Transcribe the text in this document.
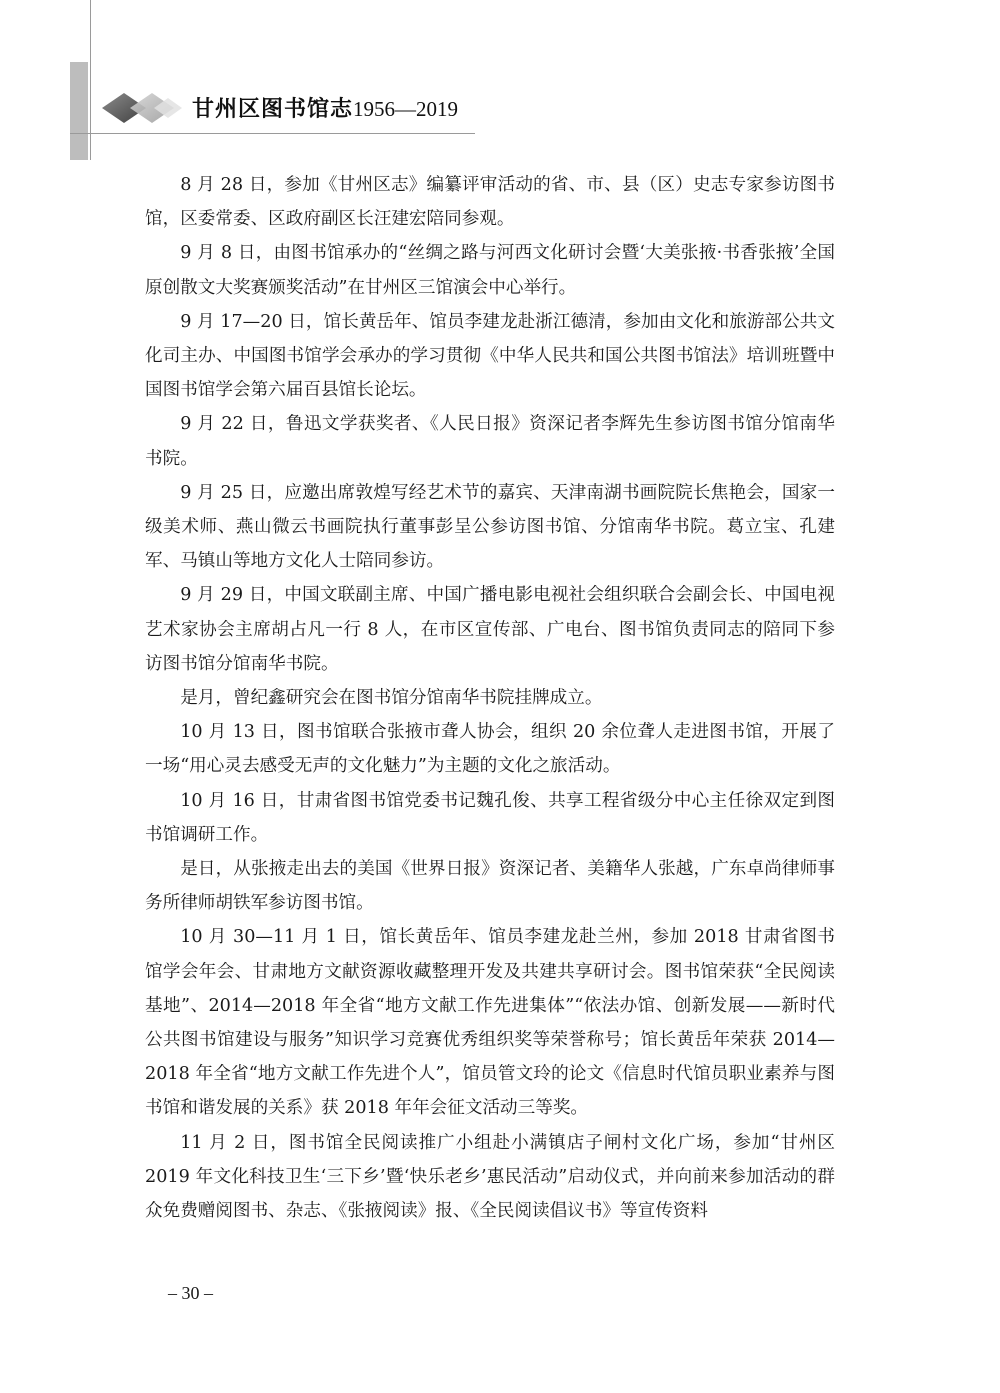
甘州区图书馆志1956—2019

8 月 28 日，参加《甘州区志》编纂评审活动的省、市、县（区）史志专家参访图书馆，区委常委、区政府副区长汪建宏陪同参观。

9 月 8 日，由图书馆承办的“丝绸之路与河西文化研讨会暨‘大美张掖·书香张掖’全国原创散文大奖赛颁奖活动”在甘州区三馆演会中心举行。

9 月 17—20 日，馆长黄岳年、馆员李建龙赴浙江德清，参加由文化和旅游部公共文化司主办、中国图书馆学会承办的学习贯彻《中华人民共和国公共图书馆法》培训班暨中国图书馆学会第六届百县馆长论坛。

9 月 22 日，鲁迅文学获奖者、《人民日报》资深记者李辉先生参访图书馆分馆南华书院。

9 月 25 日，应邀出席敦煌写经艺术节的嘉宾、天津南湖书画院院长焦艳会，国家一级美术师、燕山微云书画院执行董事彭呈公参访图书馆、分馆南华书院。葛立宝、孔建军、马镇山等地方文化人士陪同参访。

9 月 29 日，中国文联副主席、中国广播电影电视社会组织联合会副会长、中国电视艺术家协会主席胡占凡一行 8 人，在市区宣传部、广电台、图书馆负责同志的陪同下参访图书馆分馆南华书院。

是月，曾纪鑫研究会在图书馆分馆南华书院挂牌成立。

10 月 13 日，图书馆联合张掖市聋人协会，组织 20 余位聋人走进图书馆，开展了一场“用心灵去感受无声的文化魅力”为主题的文化之旅活动。

10 月 16 日，甘肃省图书馆党委书记魏孔俊、共享工程省级分中心主任徐双定到图书馆调研工作。

是日，从张掖走出去的美国《世界日报》资深记者、美籍华人张越，广东卓尚律师事务所律师胡铁军参访图书馆。

10 月 30—11 月 1 日，馆长黄岳年、馆员李建龙赴兰州，参加 2018 甘肃省图书馆学会年会、甘肃地方文献资源收藏整理开发及共建共享研讨会。图书馆荣获“全民阅读基地”、2014—2018 年全省“地方文献工作先进集体”“依法办馆、创新发展——新时代公共图书馆建设与服务”知识学习竞赛优秀组织奖等荣誉称号；馆长黄岳年荣获 2014—2018 年全省“地方文献工作先进个人”，馆员管文玲的论文《信息时代馆员职业素养与图书馆和谐发展的关系》获 2018 年年会征文活动三等奖。

11 月 2 日，图书馆全民阅读推广小组赴小满镇店子闸村文化广场，参加“甘州区 2019 年文化科技卫生‘三下乡’暨‘快乐老乡’惠民活动”启动仪式，并向前来参加活动的群众免费赠阅图书、杂志、《张掖阅读》报、《全民阅读倡议书》等宣传资料

– 30 –
